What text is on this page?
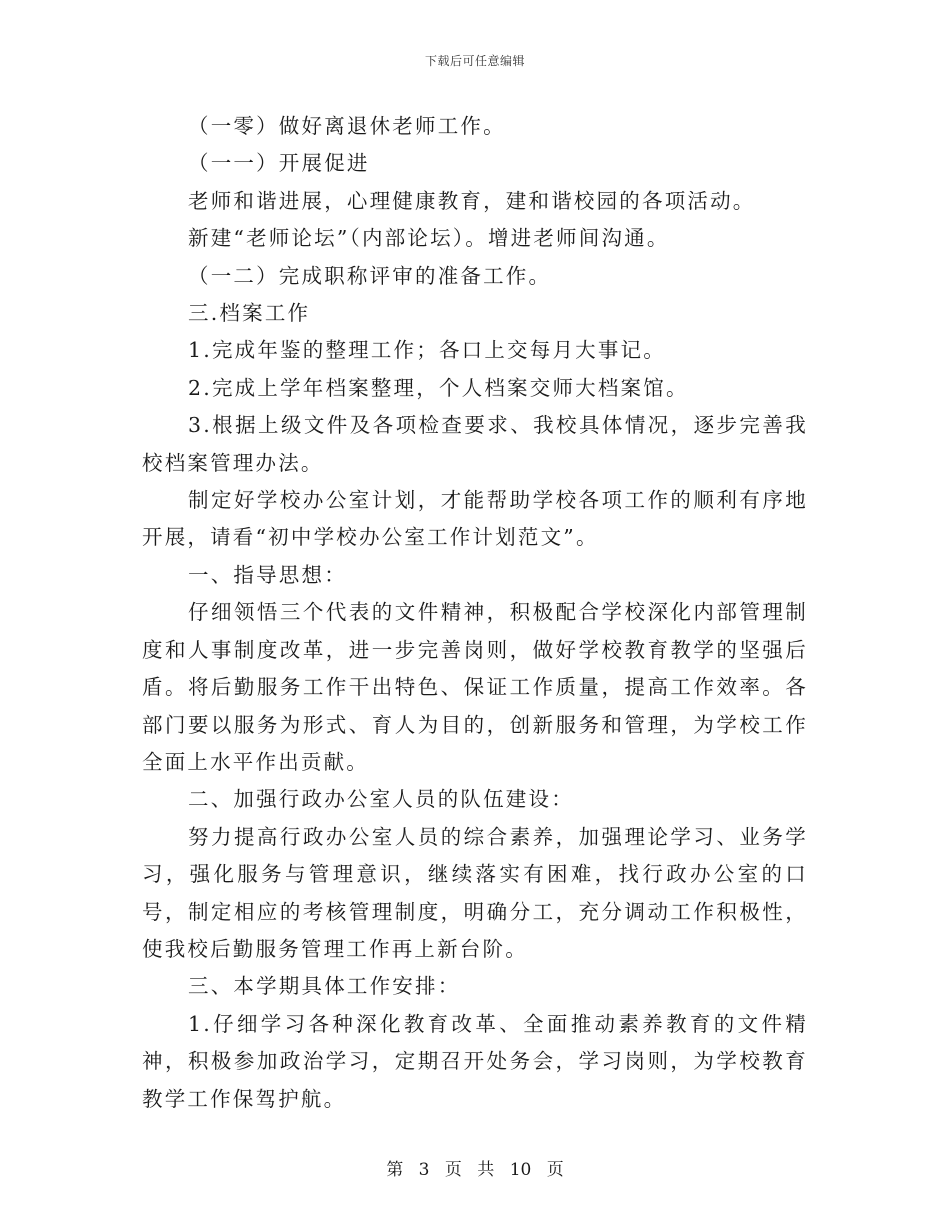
下载后可任意编辑

（一零）做好离退休老师工作。

（一一）开展促进

老师和谐进展，心理健康教育，建和谐校园的各项活动。

新建“老师论坛”（内部论坛）。增进老师间沟通。

（一二）完成职称评审的准备工作。

三.档案工作

1.完成年鉴的整理工作；各口上交每月大事记。

2.完成上学年档案整理，个人档案交师大档案馆。

3.根据上级文件及各项检查要求、我校具体情况，逐步完善我校档案管理办法。

制定好学校办公室计划，才能帮助学校各项工作的顺利有序地开展，请看“初中学校办公室工作计划范文”。

一、指导思想：

仔细领悟三个代表的文件精神，积极配合学校深化内部管理制度和人事制度改革，进一步完善岗则，做好学校教育教学的坚强后盾。将后勤服务工作干出特色、保证工作质量，提高工作效率。各部门要以服务为形式、育人为目的，创新服务和管理，为学校工作全面上水平作出贡献。

二、加强行政办公室人员的队伍建设：

努力提高行政办公室人员的综合素养，加强理论学习、业务学习，强化服务与管理意识，继续落实有困难，找行政办公室的口号，制定相应的考核管理制度，明确分工，充分调动工作积极性，使我校后勤服务管理工作再上新台阶。

三、本学期具体工作安排：

1.仔细学习各种深化教育改革、全面推动素养教育的文件精神，积极参加政治学习，定期召开处务会，学习岗则，为学校教育教学工作保驾护航。

第 3 页 共 10 页
